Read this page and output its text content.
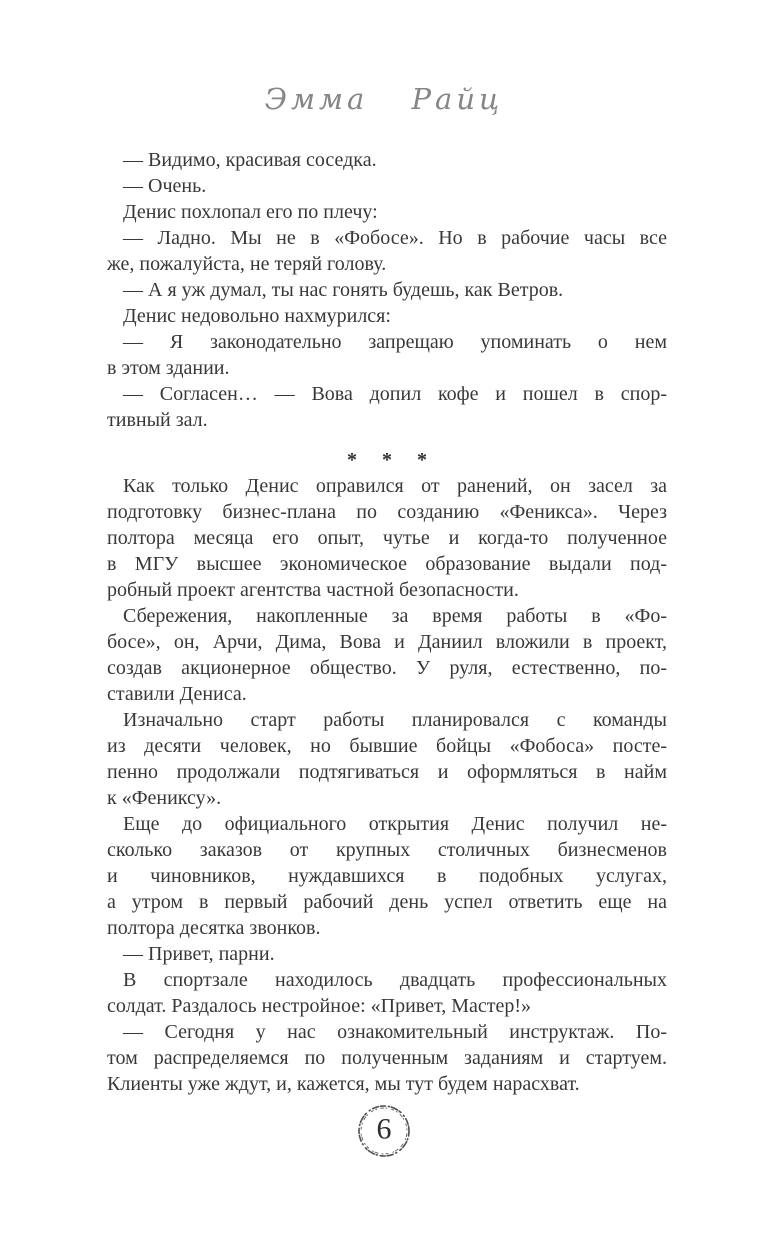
Эмма Райц
— Видимо, красивая соседка.
— Очень.
Денис похлопал его по плечу:
— Ладно. Мы не в «Фобосе». Но в рабочие часы все
же, пожалуйста, не теряй голову.
— А я уж думал, ты нас гонять будешь, как Ветров.
Денис недовольно нахмурился:
— Я законодательно запрещаю упоминать о нем
в этом здании.
— Согласен… — Вова допил кофе и пошел в спор-
тивный зал.
* * *
Как только Денис оправился от ранений, он засел за
подготовку бизнес-плана по созданию «Феникса». Через
полтора месяца его опыт, чутье и когда-то полученное
в МГУ высшее экономическое образование выдали под-
робный проект агентства частной безопасности.
Сбережения, накопленные за время работы в «Фо-
босе», он, Арчи, Дима, Вова и Даниил вложили в проект,
создав акционерное общество. У руля, естественно, по-
ставили Дениса.
Изначально старт работы планировался с команды
из десяти человек, но бывшие бойцы «Фобоса» посте-
пенно продолжали подтягиваться и оформляться в найм
к «Фениксу».
Еще до официального открытия Денис получил не-
сколько заказов от крупных столичных бизнесменов
и чиновников, нуждавшихся в подобных услугах,
а утром в первый рабочий день успел ответить еще на
полтора десятка звонков.
— Привет, парни.
В спортзале находилось двадцать профессиональных
солдат. Раздалось нестройное: «Привет, Мастер!»
— Сегодня у нас ознакомительный инструктаж. По-
том распределяемся по полученным заданиям и стартуем.
Клиенты уже ждут, и, кажется, мы тут будем нарасхват.
6
